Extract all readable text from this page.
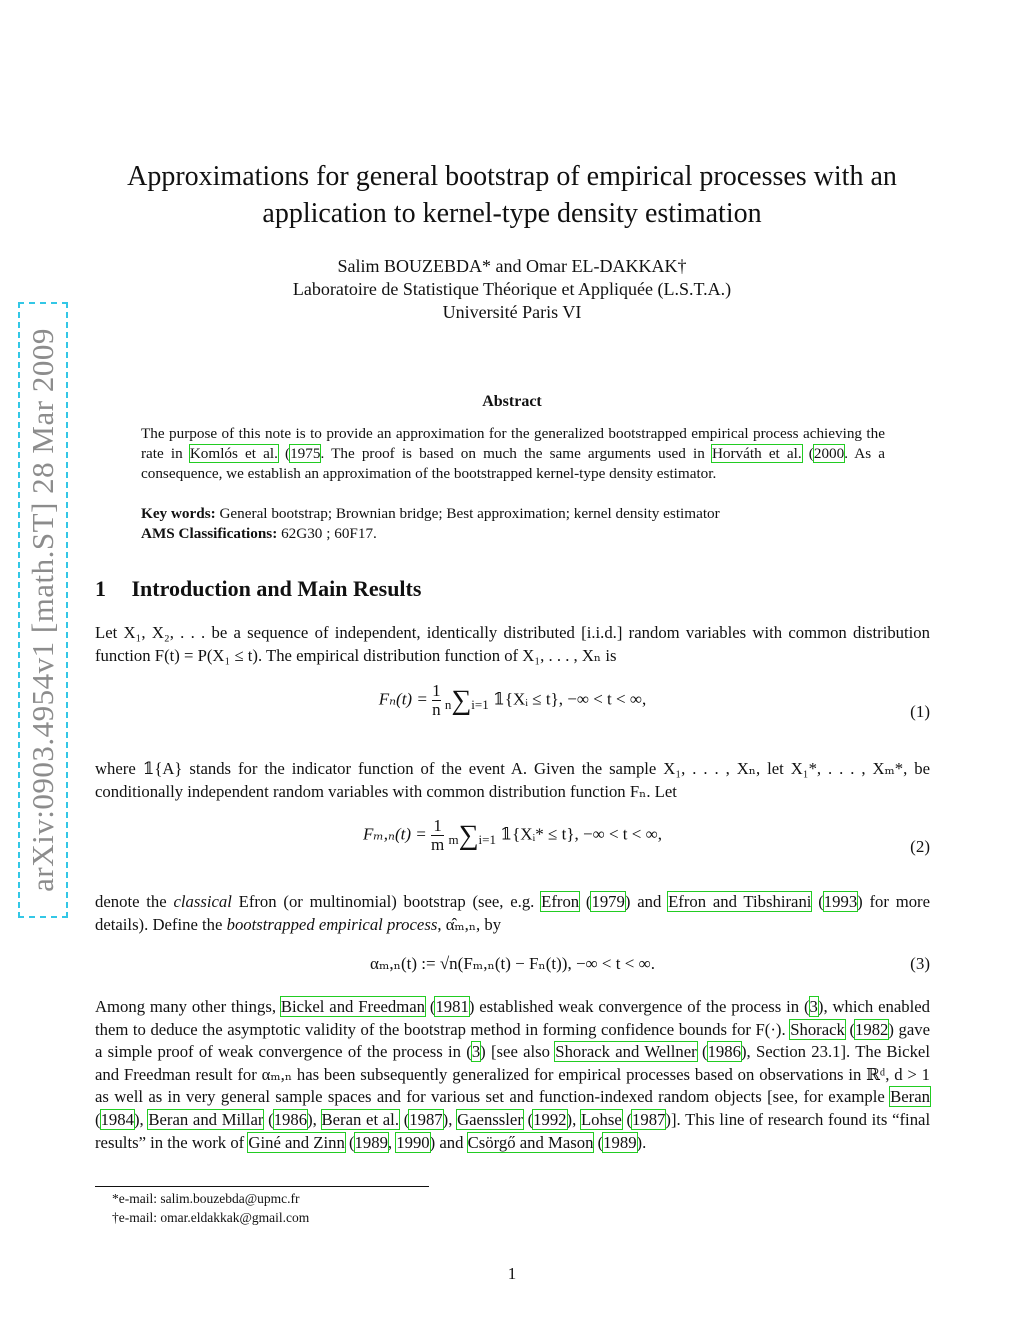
arXiv:0903.4954v1 [math.ST] 28 Mar 2009
Approximations for general bootstrap of empirical processes with an
application to kernel-type density estimation
Salim BOUZEBDA* and Omar EL-DAKKAK†
Laboratoire de Statistique Théorique et Appliquée (L.S.T.A.)
Université Paris VI
Abstract
The purpose of this note is to provide an approximation for the generalized bootstrapped empirical process achieving the rate in Komlós et al. (1975. The proof is based on much the same arguments used in Horváth et al. (2000. As a consequence, we establish an approximation of the bootstrapped kernel-type density estimator.
Key words: General bootstrap; Brownian bridge; Best approximation; kernel density estimator
AMS Classifications: 62G30 ; 60F17.
1 Introduction and Main Results
Let X₁, X₂, . . . be a sequence of independent, identically distributed [i.i.d.] random variables with common distribution function F(t) = P(X₁ ≤ t). The empirical distribution function of X₁, . . . , Xₙ is
$F_n(t) = \frac{1}{n} n\sum i=1$ 𝟙{Xᵢ ≤ t}, −∞ < t < ∞,
(1)
where 𝟙{A} stands for the indicator function of the event A. Given the sample X₁, . . . , Xₙ, let X₁*, . . . , Xₘ*, be conditionally independent random variables with common distribution function Fₙ. Let
$F_m,_n(t) = \frac{1}{m} m\sum i=1$ 𝟙{Xᵢ* ≤ t}, −∞ < t < ∞,
(2)
denote the classical Efron (or multinomial) bootstrap (see, e.g. Efron (1979) and Efron and Tibshirani (1993) for more details). Define the bootstrapped empirical process, α̂ₘ,ₙ, by
αₘ,ₙ(t) := √n(Fₘ,ₙ(t) − Fₙ(t)), −∞ < t < ∞.	(3)
Among many other things, Bickel and Freedman (1981) established weak convergence of the process in (3), which enabled them to deduce the asymptotic validity of the bootstrap method in forming confidence bounds for F(·). Shorack (1982) gave a simple proof of weak convergence of the process in (3) [see also Shorack and Wellner (1986), Section 23.1]. The Bickel and Freedman result for αₘ,ₙ has been subsequently generalized for empirical processes based on observations in ℝᵈ, d > 1 as well as in very general sample spaces and for various set and function-indexed random objects [see, for example Beran (1984), Beran and Millar (1986), Beran et al. (1987), Gaenssler (1992), Lohse (1987)]. This line of research found its “final results” in the work of Giné and Zinn (1989, 1990) and Csörgő and Mason (1989).
*e-mail: salim.bouzebda@upmc.fr
†e-mail: omar.eldakkak@gmail.com
1
